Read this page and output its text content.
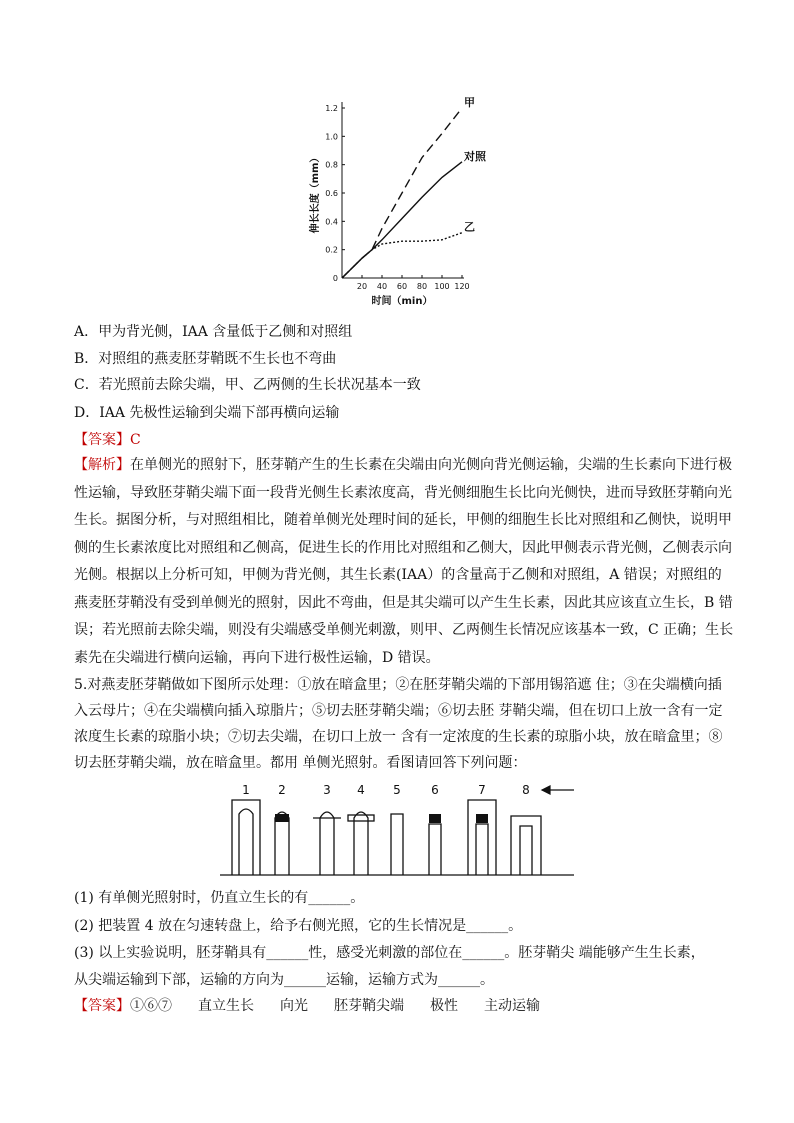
0
0.2
0.4
0.6
0.8
1.0
1.2
20 40 60 80 100 120
时间（min）
伸长长度（mm）
甲
对照
乙
A．甲为背光侧，IAA 含量低于乙侧和对照组
B．对照组的燕麦胚芽鞘既不生长也不弯曲
C．若光照前去除尖端，甲、乙两侧的生长状况基本一致
D．IAA 先极性运输到尖端下部再横向运输
【答案】C
【解析】在单侧光的照射下，胚芽鞘产生的生长素在尖端由向光侧向背光侧运输，尖端的生长素向下进行极性运输，导致胚芽鞘尖端下面一段背光侧生长素浓度高，背光侧细胞生长比向光侧快，进而导致胚芽鞘向光生长。据图分析，与对照组相比，随着单侧光处理时间的延长，甲侧的细胞生长比对照组和乙侧快，说明甲侧的生长素浓度比对照组和乙侧高，促进生长的作用比对照组和乙侧大，因此甲侧表示背光侧，乙侧表示向光侧。根据以上分析可知，甲侧为背光侧，其生长素(IAA）的含量高于乙侧和对照组，A 错误；对照组的燕麦胚芽鞘没有受到单侧光的照射，因此不弯曲，但是其尖端可以产生生长素，因此其应该直立生长，B 错误；若光照前去除尖端，则没有尖端感受单侧光刺激，则甲、乙两侧生长情况应该基本一致，C 正确；生长素先在尖端进行横向运输，再向下进行极性运输，D 错误。
5.对燕麦胚芽鞘做如下图所示处理：①放在暗盒里；②在胚芽鞘尖端的下部用锡箔遮 住；③在尖端横向插入云母片；④在尖端横向插入琼脂片；⑤切去胚芽鞘尖端；⑥切去胚 芽鞘尖端，但在切口上放一含有一定浓度生长素的琼脂小块；⑦切去尖端，在切口上放一 含有一定浓度的生长素的琼脂小块，放在暗盒里；⑧切去胚芽鞘尖端，放在暗盒里。都用 单侧光照射。看图请回答下列问题：
1 2	3 4 5	6	7	8
(1) 有单侧光照射时，仍直立生长的有______。
(2) 把装置 4 放在匀速转盘上，给予右侧光照，它的生长情况是______。
(3) 以上实验说明，胚芽鞘具有______性，感受光刺激的部位在______。胚芽鞘尖 端能够产生生长素，
从尖端运输到下部，运输的方向为______运输，运输方式为______。
【答案】①⑥⑦ 直立生长 向光 胚芽鞘尖端 极性 主动运输
